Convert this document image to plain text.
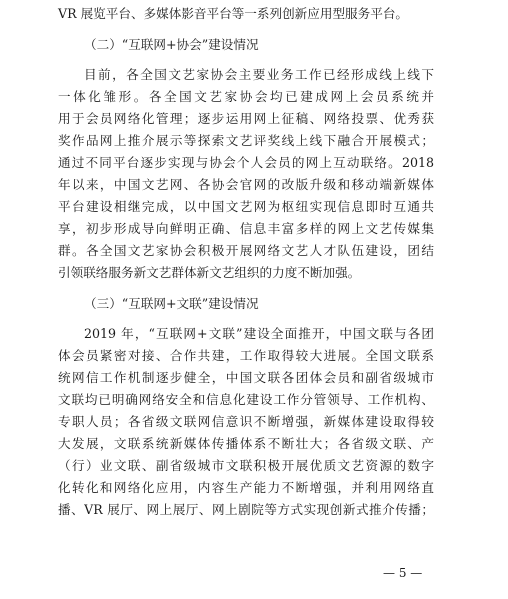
VR 展览平台、多媒体影音平台等一系列创新应用型服务平台。
（二）“互联网+协会”建设情况
目前，各全国文艺家协会主要业务工作已经形成线上线下
一体化雏形。各全国文艺家协会均已建成网上会员系统并
用于会员网络化管理；逐步运用网上征稿、网络投票、优秀获
奖作品网上推介展示等探索文艺评奖线上线下融合开展模式；
通过不同平台逐步实现与协会个人会员的网上互动联络。2018
年以来，中国文艺网、各协会官网的改版升级和移动端新媒体
平台建设相继完成，以中国文艺网为枢纽实现信息即时互通共
享，初步形成导向鲜明正确、信息丰富多样的网上文艺传媒集
群。各全国文艺家协会积极开展网络文艺人才队伍建设，团结
引领联络服务新文艺群体新文艺组织的力度不断加强。
（三）“互联网+文联”建设情况
2019 年，“互联网+文联”建设全面推开，中国文联与各团
体会员紧密对接、合作共建，工作取得较大进展。全国文联系
统网信工作机制逐步健全，中国文联各团体会员和副省级城市
文联均已明确网络安全和信息化建设工作分管领导、工作机构、
专职人员；各省级文联网信意识不断增强，新媒体建设取得较
大发展，文联系统新媒体传播体系不断壮大；各省级文联、产
（行）业文联、副省级城市文联积极开展优质文艺资源的数字
化转化和网络化应用，内容生产能力不断增强，并利用网络直
播、VR 展厅、网上展厅、网上剧院等方式实现创新式推介传播；
— 5 —
